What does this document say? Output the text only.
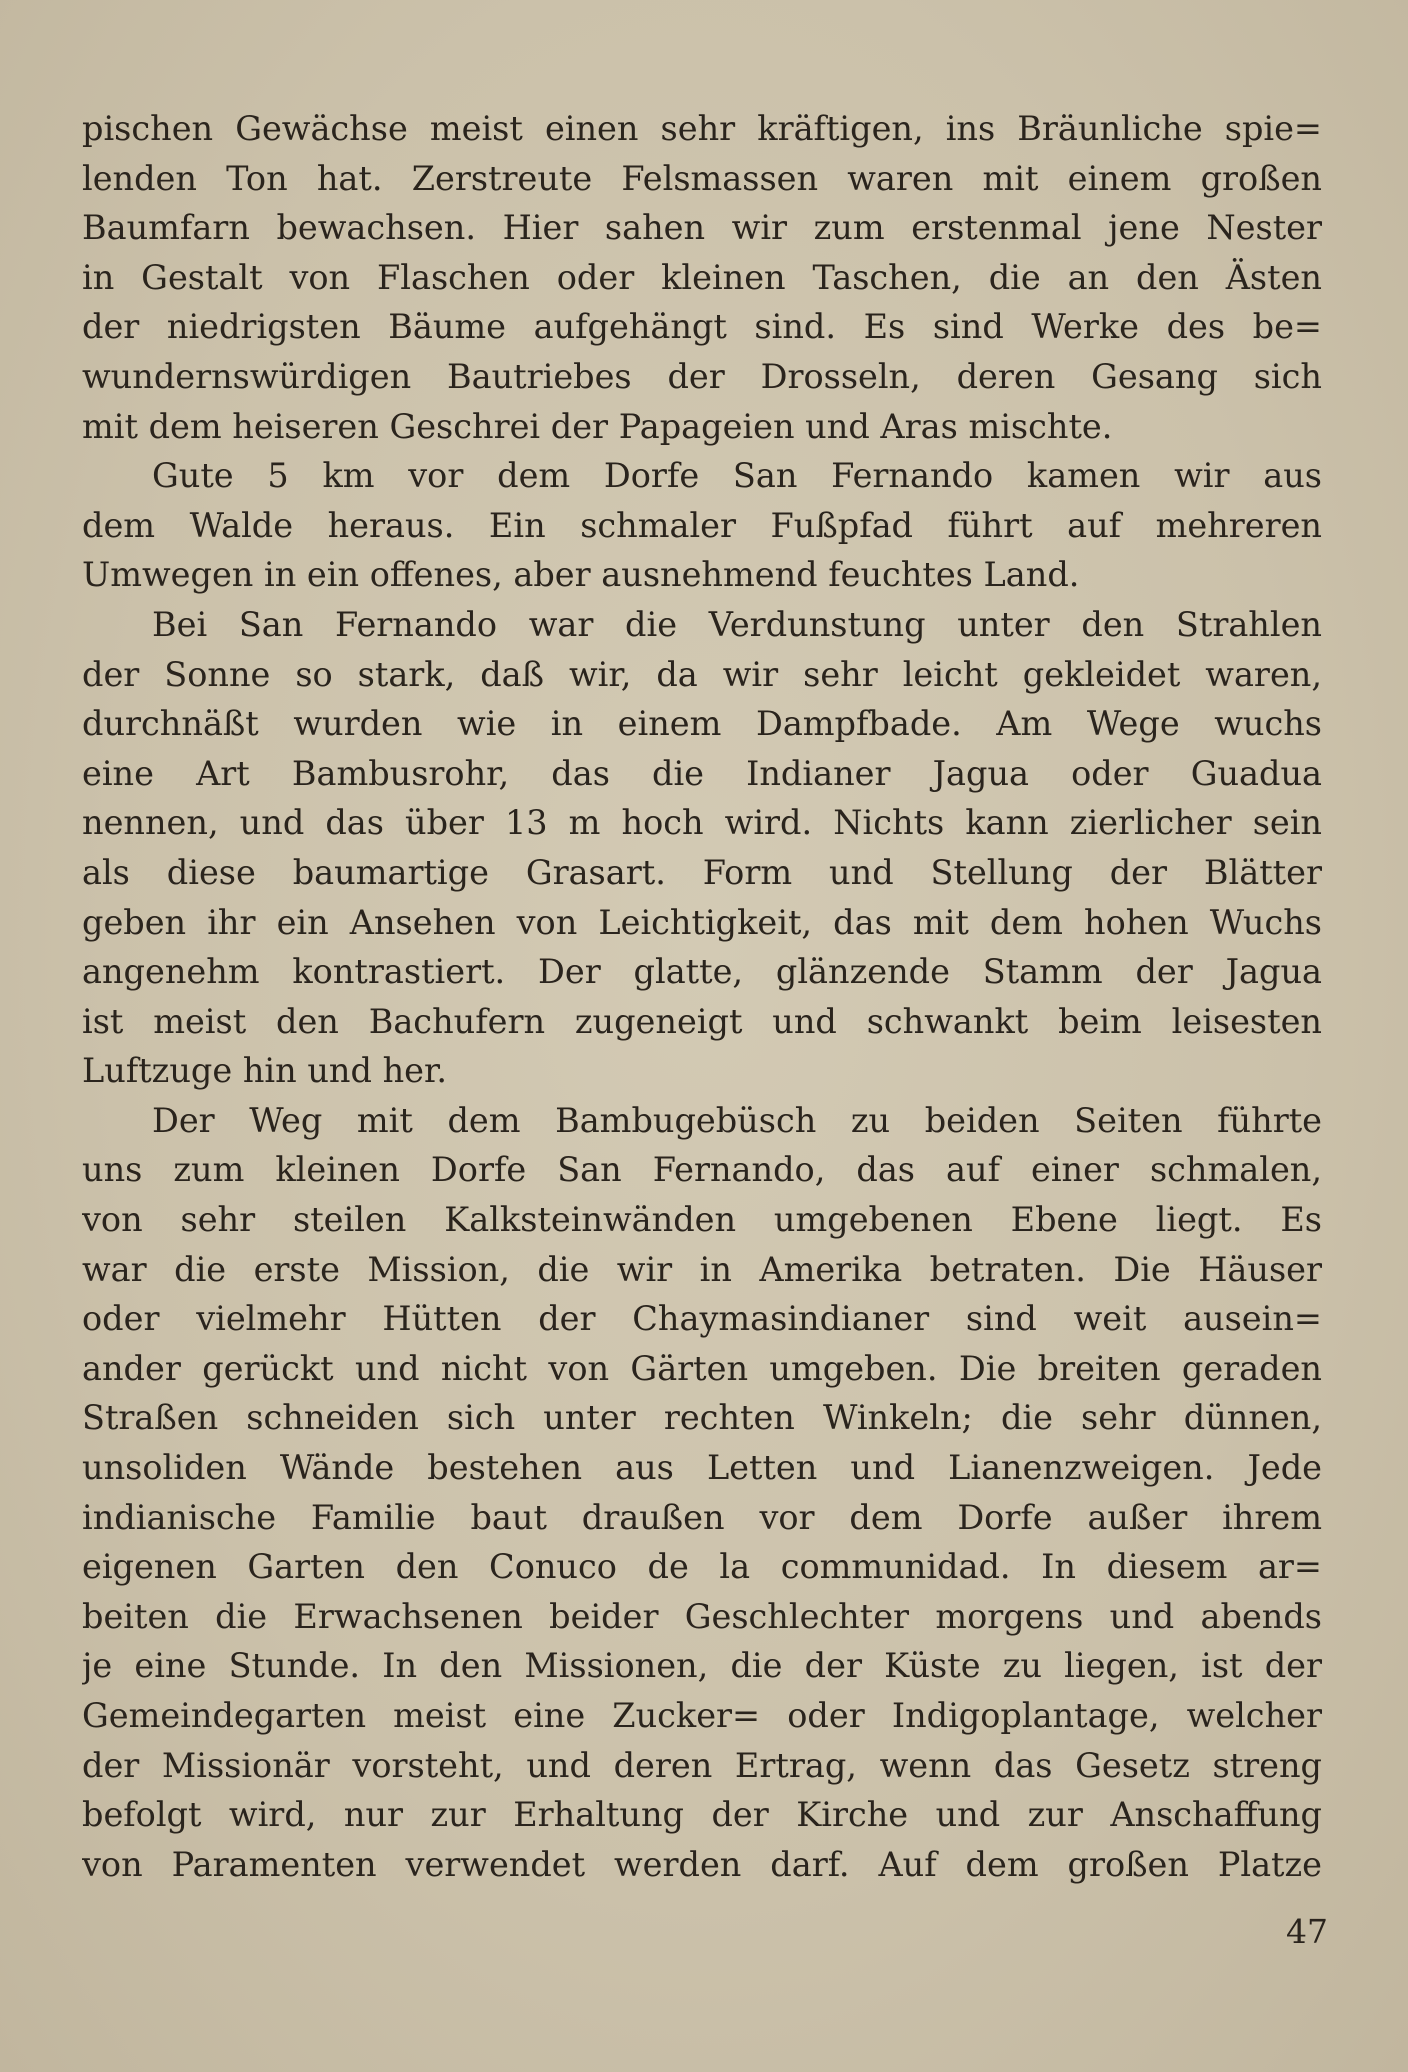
pischen Gewächse meist einen sehr kräftigen, ins Bräunliche spie=
lenden Ton hat. Zerstreute Felsmassen waren mit einem großen
Baumfarn bewachsen. Hier sahen wir zum erstenmal jene Nester
in Gestalt von Flaschen oder kleinen Taschen, die an den Ästen
der niedrigsten Bäume aufgehängt sind. Es sind Werke des be=
wundernswürdigen Bautriebes der Drosseln, deren Gesang sich
mit dem heiseren Geschrei der Papageien und Aras mischte.
Gute 5 km vor dem Dorfe San Fernando kamen wir aus
dem Walde heraus. Ein schmaler Fußpfad führt auf mehreren
Umwegen in ein offenes, aber ausnehmend feuchtes Land.
Bei San Fernando war die Verdunstung unter den Strahlen
der Sonne so stark, daß wir, da wir sehr leicht gekleidet waren,
durchnäßt wurden wie in einem Dampfbade. Am Wege wuchs
eine Art Bambusrohr, das die Indianer Jagua oder Guadua
nennen, und das über 13 m hoch wird. Nichts kann zierlicher sein
als diese baumartige Grasart. Form und Stellung der Blätter
geben ihr ein Ansehen von Leichtigkeit, das mit dem hohen Wuchs
angenehm kontrastiert. Der glatte, glänzende Stamm der Jagua
ist meist den Bachufern zugeneigt und schwankt beim leisesten
Luftzuge hin und her.
Der Weg mit dem Bambugebüsch zu beiden Seiten führte
uns zum kleinen Dorfe San Fernando, das auf einer schmalen,
von sehr steilen Kalksteinwänden umgebenen Ebene liegt. Es
war die erste Mission, die wir in Amerika betraten. Die Häuser
oder vielmehr Hütten der Chaymasindianer sind weit ausein=
ander gerückt und nicht von Gärten umgeben. Die breiten geraden
Straßen schneiden sich unter rechten Winkeln; die sehr dünnen,
unsoliden Wände bestehen aus Letten und Lianenzweigen. Jede
indianische Familie baut draußen vor dem Dorfe außer ihrem
eigenen Garten den Conuco de la communidad. In diesem ar=
beiten die Erwachsenen beider Geschlechter morgens und abends
je eine Stunde. In den Missionen, die der Küste zu liegen, ist der
Gemeindegarten meist eine Zucker= oder Indigoplantage, welcher
der Missionär vorsteht, und deren Ertrag, wenn das Gesetz streng
befolgt wird, nur zur Erhaltung der Kirche und zur Anschaffung
von Paramenten verwendet werden darf. Auf dem großen Platze
47
